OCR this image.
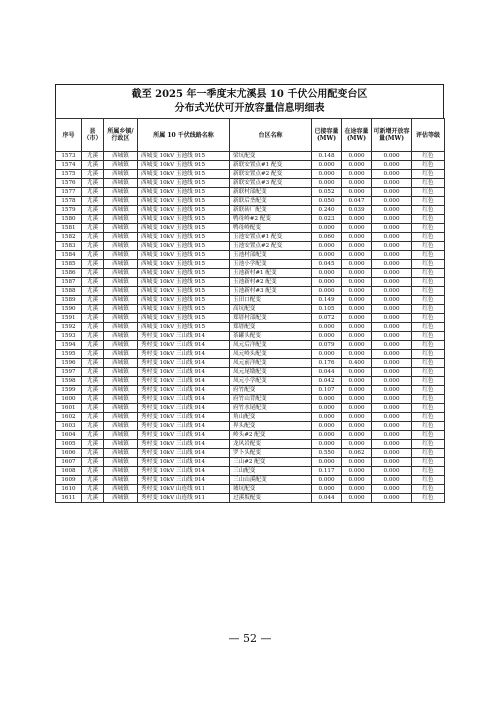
截至 2025 年一季度末尤溪县 10 千伏公用配变台区
分布式光伏可开放容量信息明细表
序号	县（市）	所属乡镇/行政区	所属 10 千伏线路名称	台区名称	已接容量(MW)	在途容量(MW)	可新增开放容量(MW)	评估等级
1573	尤溪	西城镇	西城变 10kV 玉池线 915	梁坑配变	0.148	0.000	0.000	红色
1574	尤溪	西城镇	西城变 10kV 玉池线 915	新联安置点#1 配变	0.000	0.000	0.000	红色
1575	尤溪	西城镇	西城变 10kV 玉池线 915	新联安置点#2 配变	0.000	0.000	0.000	红色
1576	尤溪	西城镇	西城变 10kV 玉池线 915	新联安置点#3 配变	0.000	0.000	0.000	红色
1577	尤溪	西城镇	西城变 10kV 玉池线 915	新联村部配变	0.052	0.000	0.000	红色
1578	尤溪	西城镇	西城变 10kV 玉池线 915	新联后垄配变	0.050	0.047	0.000	红色
1579	尤溪	西城镇	西城变 10kV 玉池线 915	新联砖厂配变	0.240	0.039	0.000	红色
1580	尤溪	西城镇	西城变 10kV 玉池线 915	鸭母岭#2 配变	0.023	0.000	0.000	红色
1581	尤溪	西城镇	西城变 10kV 玉池线 915	鸭母岭配变	0.000	0.000	0.000	红色
1582	尤溪	西城镇	西城变 10kV 玉池线 915	玉池安置点#1 配变	0.060	0.000	0.000	红色
1583	尤溪	西城镇	西城变 10kV 玉池线 915	玉池安置点#2 配变	0.000	0.000	0.000	红色
1584	尤溪	西城镇	西城变 10kV 玉池线 915	玉池村部配变	0.000	0.000	0.000	红色
1585	尤溪	西城镇	西城变 10kV 玉池线 915	玉池小学配变	0.045	0.000	0.000	红色
1586	尤溪	西城镇	西城变 10kV 玉池线 915	玉池新村#1 配变	0.000	0.000	0.000	红色
1587	尤溪	西城镇	西城变 10kV 玉池线 915	玉池新村#2 配变	0.000	0.000	0.000	红色
1588	尤溪	西城镇	西城变 10kV 玉池线 915	玉池新村#3 配变	0.000	0.000	0.000	红色
1589	尤溪	西城镇	西城变 10kV 玉池线 915	玉田口配变	0.149	0.000	0.000	红色
1590	尤溪	西城镇	西城变 10kV 玉池线 915	高坑配变	0.105	0.000	0.000	红色
1591	尤溪	西城镇	西城变 10kV 玉池线 915	郑厝村部配变	0.072	0.000	0.000	红色
1592	尤溪	西城镇	西城变 10kV 玉池线 915	郑厝配变	0.000	0.000	0.000	红色
1593	尤溪	西城镇	秀村变 10kV 三山线 914	茶罐头配变	0.000	0.000	0.000	红色
1594	尤溪	西城镇	秀村变 10kV 三山线 914	凤元后洋配变	0.079	0.000	0.000	红色
1595	尤溪	西城镇	秀村变 10kV 三山线 914	凤元岭头配变	0.000	0.000	0.000	红色
1596	尤溪	西城镇	秀村变 10kV 三山线 914	凤元前洋配变	0.176	0.400	0.000	红色
1597	尤溪	西城镇	秀村变 10kV 三山线 914	凤元尾墩配变	0.044	0.000	0.000	红色
1598	尤溪	西城镇	秀村变 10kV 三山线 914	凤元小学配变	0.042	0.000	0.000	红色
1599	尤溪	西城镇	秀村变 10kV 三山线 914	府竹配变	0.107	0.000	0.000	红色
1600	尤溪	西城镇	秀村变 10kV 三山线 914	府竹山背配变	0.000	0.000	0.000	红色
1601	尤溪	西城镇	秀村变 10kV 三山线 914	府竹水尾配变	0.000	0.000	0.000	红色
1602	尤溪	西城镇	秀村变 10kV 三山线 914	角山配变	0.000	0.000	0.000	红色
1603	尤溪	西城镇	秀村变 10kV 三山线 914	界头配变	0.000	0.000	0.000	红色
1604	尤溪	西城镇	秀村变 10kV 三山线 914	岭头#2 配变	0.000	0.000	0.000	红色
1605	尤溪	西城镇	秀村变 10kV 三山线 914	龙风岩配变	0.000	0.000	0.000	红色
1606	尤溪	西城镇	秀村变 10kV 三山线 914	罗卜头配变	0.550	0.062	0.000	红色
1607	尤溪	西城镇	秀村变 10kV 三山线 914	三山#2 配变	0.000	0.000	0.000	红色
1608	尤溪	西城镇	秀村变 10kV 三山线 914	三山配变	0.117	0.000	0.000	红色
1609	尤溪	西城镇	秀村变 10kV 三山线 914	三山山溪配变	0.000	0.000	0.000	红色
1610	尤溪	西城镇	秀村变 10kV 山连线 911	墟坑配变	0.000	0.000	0.000	红色
1611	尤溪	西城镇	秀村变 10kV 山连线 911	过溪坂配变	0.044	0.000	0.000	红色
— 52 —
